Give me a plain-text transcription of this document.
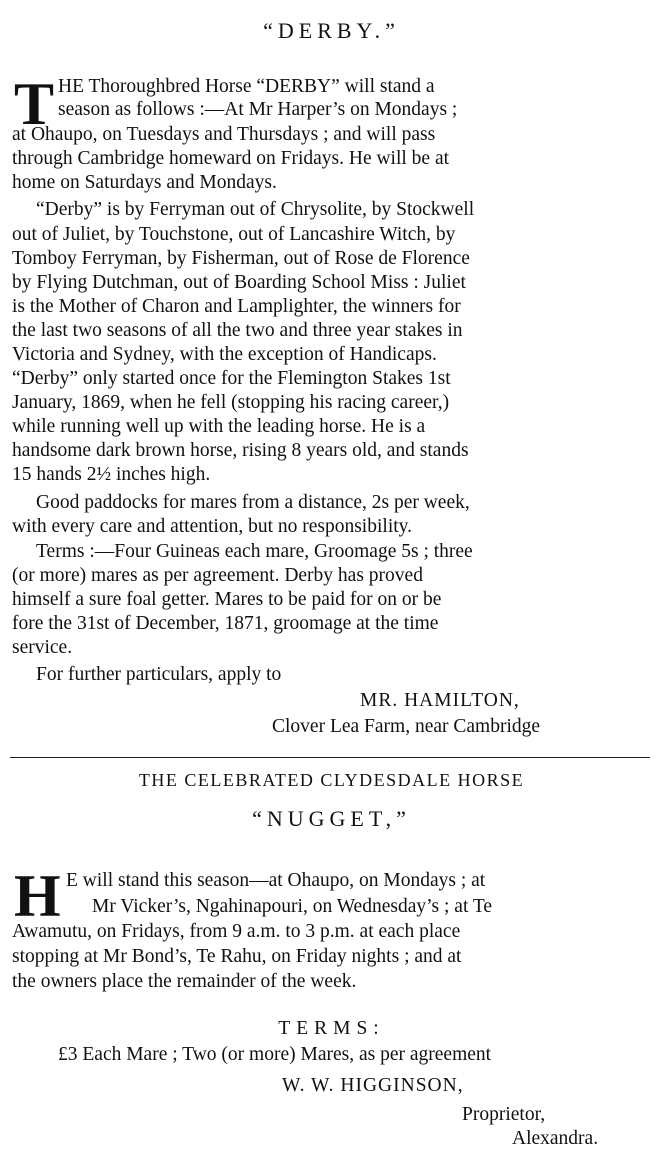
“DERBY.”
T HE Thoroughbred Horse “DERBY” will stand a
season as follows :—At Mr Harper’s on Mondays ;
at Ohaupo, on Tuesdays and Thursdays ; and will pass
through Cambridge homeward on Fridays. He will be at
home on Saturdays and Mondays.
“Derby” is by Ferryman out of Chrysolite, by Stockwell
out of Juliet, by Touchstone, out of Lancashire Witch, by
Tomboy Ferryman, by Fisherman, out of Rose de Florence
by Flying Dutchman, out of Boarding School Miss : Juliet
is the Mother of Charon and Lamplighter, the winners for
the last two seasons of all the two and three year stakes in
Victoria and Sydney, with the exception of Handicaps.
“Derby” only started once for the Flemington Stakes 1st
January, 1869, when he fell (stopping his racing career,)
while running well up with the leading horse. He is a
handsome dark brown horse, rising 8 years old, and stands
15 hands 2½ inches high.
Good paddocks for mares from a distance, 2s per week,
with every care and attention, but no responsibility.
Terms :—Four Guineas each mare, Groomage 5s ; three
(or more) mares as per agreement. Derby has proved
himself a sure foal getter. Mares to be paid for on or be
fore the 31st of December, 1871, groomage at the time
service.
For further particulars, apply to
MR. HAMILTON,
Clover Lea Farm, near Cambridge
THE CELEBRATED CLYDESDALE HORSE
“NUGGET,”
H E will stand this season—at Ohaupo, on Mondays ; at
Mr Vicker’s, Ngahinapouri, on Wednesday’s ; at Te
Awamutu, on Fridays, from 9 a.m. to 3 p.m. at each place
stopping at Mr Bond’s, Te Rahu, on Friday nights ; and at
the owners place the remainder of the week.
TERMS:
£3 Each Mare ; Two (or more) Mares, as per agreement
W. W. HIGGINSON,
Proprietor,
Alexandra.
